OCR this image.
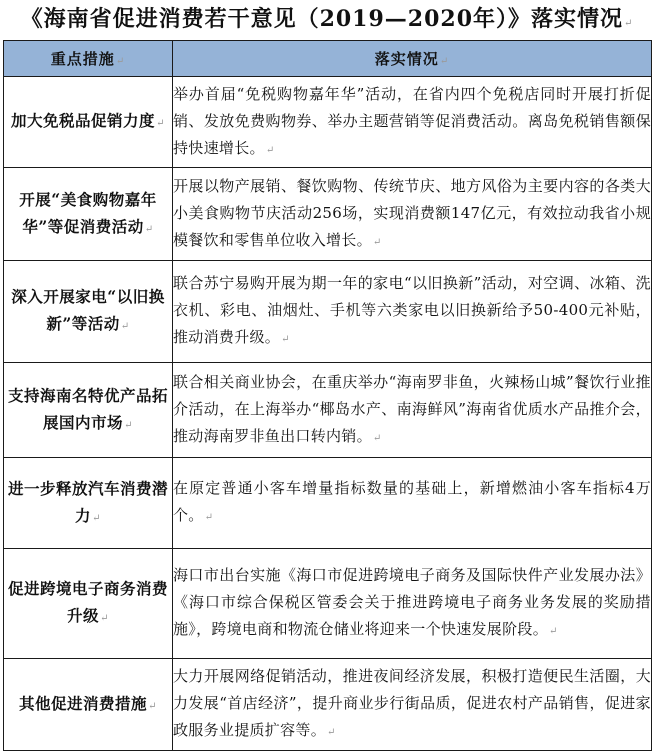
《海南省促进消费若干意见（2019—2020年）》落实情况↵
重点措施↵	落实情况↵
加大免税品促销力度↵	举办首届“免税购物嘉年华”活动，在省内四个免税店同时开展打折促销、发放免费购物券、举办主题营销等促消费活动。离岛免税销售额保持快速增长。↵
开展“美食购物嘉年华”等促消费活动↵	开展以物产展销、餐饮购物、传统节庆、地方风俗为主要内容的各类大小美食购物节庆活动256场，实现消费额147亿元，有效拉动我省小规模餐饮和零售单位收入增长。↵
深入开展家电“以旧换新”等活动↵	联合苏宁易购开展为期一年的家电“以旧换新”活动，对空调、冰箱、洗衣机、彩电、油烟灶、手机等六类家电以旧换新给予50-400元补贴，推动消费升级。↵
支持海南名特优产品拓展国内市场↵	联合相关商业协会，在重庆举办“海南罗非鱼，火辣杨山城”餐饮行业推介活动，在上海举办“椰岛水产、南海鲜风”海南省优质水产品推介会，推动海南罗非鱼出口转内销。↵
进一步释放汽车消费潜力↵	在原定普通小客车增量指标数量的基础上，新增燃油小客车指标4万个。↵
促进跨境电子商务消费升级↵	海口市出台实施《海口市促进跨境电子商务及国际快件产业发展办法》《海口市综合保税区管委会关于推进跨境电子商务业务发展的奖励措施》，跨境电商和物流仓储业将迎来一个快速发展阶段。↵
其他促进消费措施↵	大力开展网络促销活动，推进夜间经济发展，积极打造便民生活圈，大力发展“首店经济”，提升商业步行街品质，促进农村产品销售，促进家政服务业提质扩容等。↵
